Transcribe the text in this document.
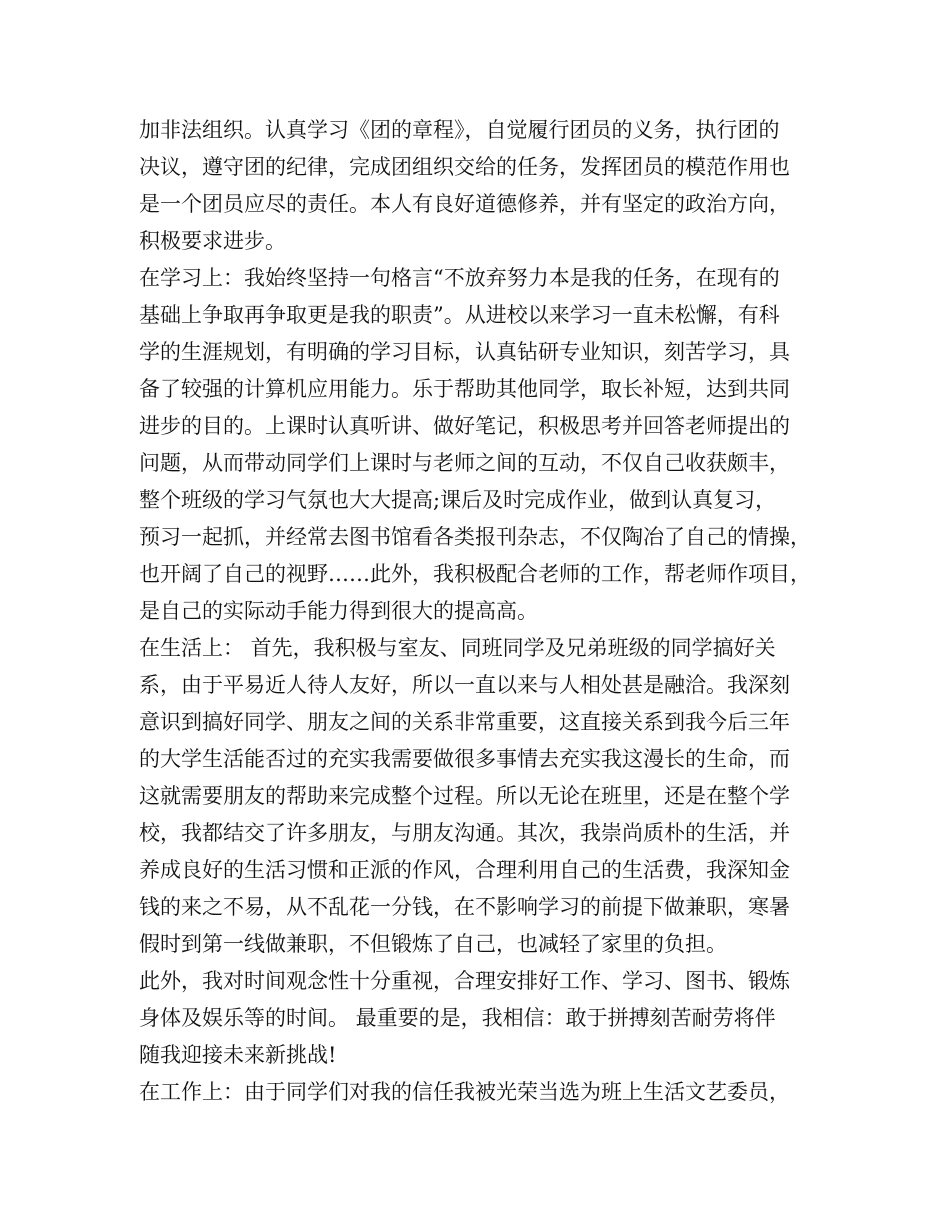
加非法组织。认真学习《团的章程》，自觉履行团员的义务，执行团的
决议，遵守团的纪律，完成团组织交给的任务，发挥团员的模范作用也
是一个团员应尽的责任。本人有良好道德修养，并有坚定的政治方向，
积极要求进步。
在学习上：我始终坚持一句格言“不放弃努力本是我的任务，在现有的
基础上争取再争取更是我的职责”。从进校以来学习一直未松懈，有科
学的生涯规划，有明确的学习目标，认真钻研专业知识，刻苦学习，具
备了较强的计算机应用能力。乐于帮助其他同学，取长补短，达到共同
进步的目的。上课时认真听讲、做好笔记，积极思考并回答老师提出的
问题，从而带动同学们上课时与老师之间的互动，不仅自己收获颇丰，
整个班级的学习气氛也大大提高;课后及时完成作业，做到认真复习，
预习一起抓，并经常去图书馆看各类报刊杂志，不仅陶冶了自己的情操，
也开阔了自己的视野……此外，我积极配合老师的工作，帮老师作项目，
是自己的实际动手能力得到很大的提高高。
在生活上： 首先，我积极与室友、同班同学及兄弟班级的同学搞好关
系，由于平易近人待人友好，所以一直以来与人相处甚是融洽。我深刻
意识到搞好同学、朋友之间的关系非常重要，这直接关系到我今后三年
的大学生活能否过的充实我需要做很多事情去充实我这漫长的生命，而
这就需要朋友的帮助来完成整个过程。所以无论在班里，还是在整个学
校，我都结交了许多朋友，与朋友沟通。其次，我崇尚质朴的生活，并
养成良好的生活习惯和正派的作风，合理利用自己的生活费，我深知金
钱的来之不易，从不乱花一分钱，在不影响学习的前提下做兼职，寒暑
假时到第一线做兼职，不但锻炼了自己，也减轻了家里的负担。
此外，我对时间观念性十分重视，合理安排好工作、学习、图书、锻炼
身体及娱乐等的时间。 最重要的是，我相信：敢于拼搏刻苦耐劳将伴
随我迎接未来新挑战!
在工作上：由于同学们对我的信任我被光荣当选为班上生活文艺委员，
